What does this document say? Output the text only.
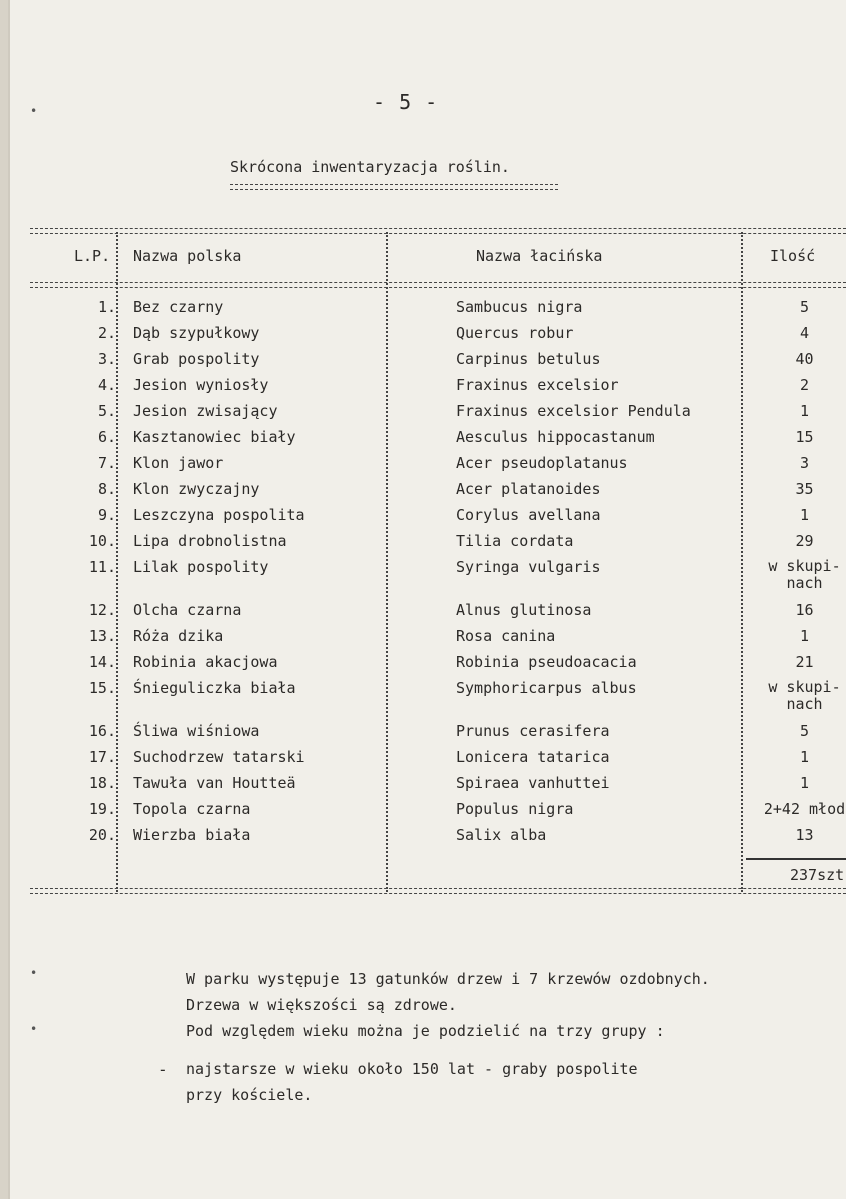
- 5 -
Skrócona inwentaryzacja roślin.
L.P. Nazwa polska	Nazwa łacińska	Ilość
1. Bez czarny	Sambucus nigra	5
2. Dąb szypułkowy	Quercus robur	4
3. Grab pospolity	Carpinus betulus	40
4. Jesion wyniosły	Fraxinus excelsior	2
5. Jesion zwisający	Fraxinus excelsior Pendula	1
6. Kasztanowiec biały	Aesculus hippocastanum	15
7. Klon jawor	Acer pseudoplatanus	3
8. Klon zwyczajny	Acer platanoides	35
9. Leszczyna pospolita	Corylus avellana	1
10. Lipa drobnolistna	Tilia cordata	29
11. Lilak pospolity	Syringa vulgaris	w skupi-nach
12. Olcha czarna	Alnus glutinosa	16
13. Róża dzika	Rosa canina	1
14. Robinia akacjowa	Robinia pseudoacacia	21
15. Śnieguliczka biała	Symphoricarpus albus	w skupi-nach
16. Śliwa wiśniowa	Prunus cerasifera	5
17. Suchodrzew tatarski	Lonicera tatarica	1
18. Tawuła van Houtteä	Spiraea vanhuttei	1
19. Topola czarna	Populus nigra	2+42 młod
20. Wierzba biała	Salix alba	13
237szt
W parku występuje 13 gatunków drzew i 7 krzewów ozdobnych.
Drzewa w większości są zdrowe.
Pod względem wieku można je podzielić na trzy grupy :
- najstarsze w wieku około 150 lat - graby pospolite
przy kościele.
•
•
•
